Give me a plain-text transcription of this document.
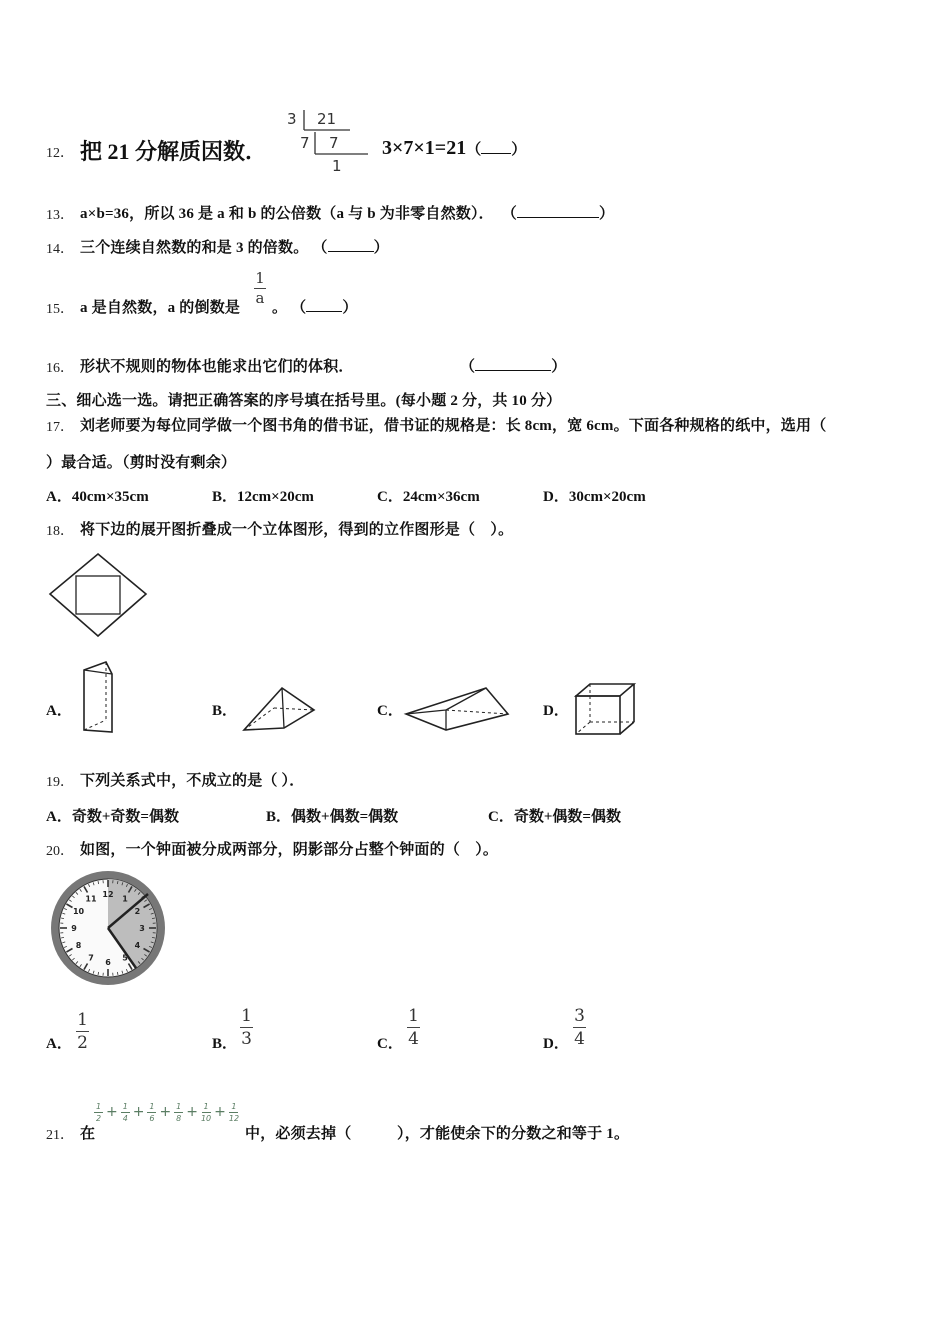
12． 把 21 分解质因数．
3 21
7 7
1
3×7×1=21（ ）
13． a×b=36，所以 36 是 a 和 b 的公倍数（a 与 b 为非零自然数）． （	）
14． 三个连续自然数的和是 3 的倍数。 （	）
15． a 是自然数，a 的倒数是
1
a
。 （ ）
16． 形状不规则的物体也能求出它们的体积．	（	）
三、细心选一选。请把正确答案的序号填在括号里。(每小题 2 分，共 10 分）
17． 刘老师要为每位同学做一个图书角的借书证，借书证的规格是：长 8cm，宽 6cm。下面各种规格的纸中，选用（
）最合适。（剪时没有剩余）
A．40cm×35cm	B．12cm×20cm	C．24cm×36cm	D．30cm×20cm
18． 将下边的展开图折叠成一个立体图形，得到的立作图形是（　）。
A．	B．	C．	D．
19． 下列关系式中，不成立的是（ ）．
A．奇数+奇数=偶数	B．偶数+偶数=偶数	C．奇数+偶数=偶数
20． 如图，一个钟面被分成两部分，阴影部分占整个钟面的（　）。
12
1
2
3
4
5
6
7
8
9
10
11
A．
1
2	B．
1
3	C．
1
4	D．
3
4
21． 在
1
2 + 1
4 + 1
6 + 1
8 + 1
10 + 1
12
中，必须去掉（　　　），才能使余下的分数之和等于 1。
